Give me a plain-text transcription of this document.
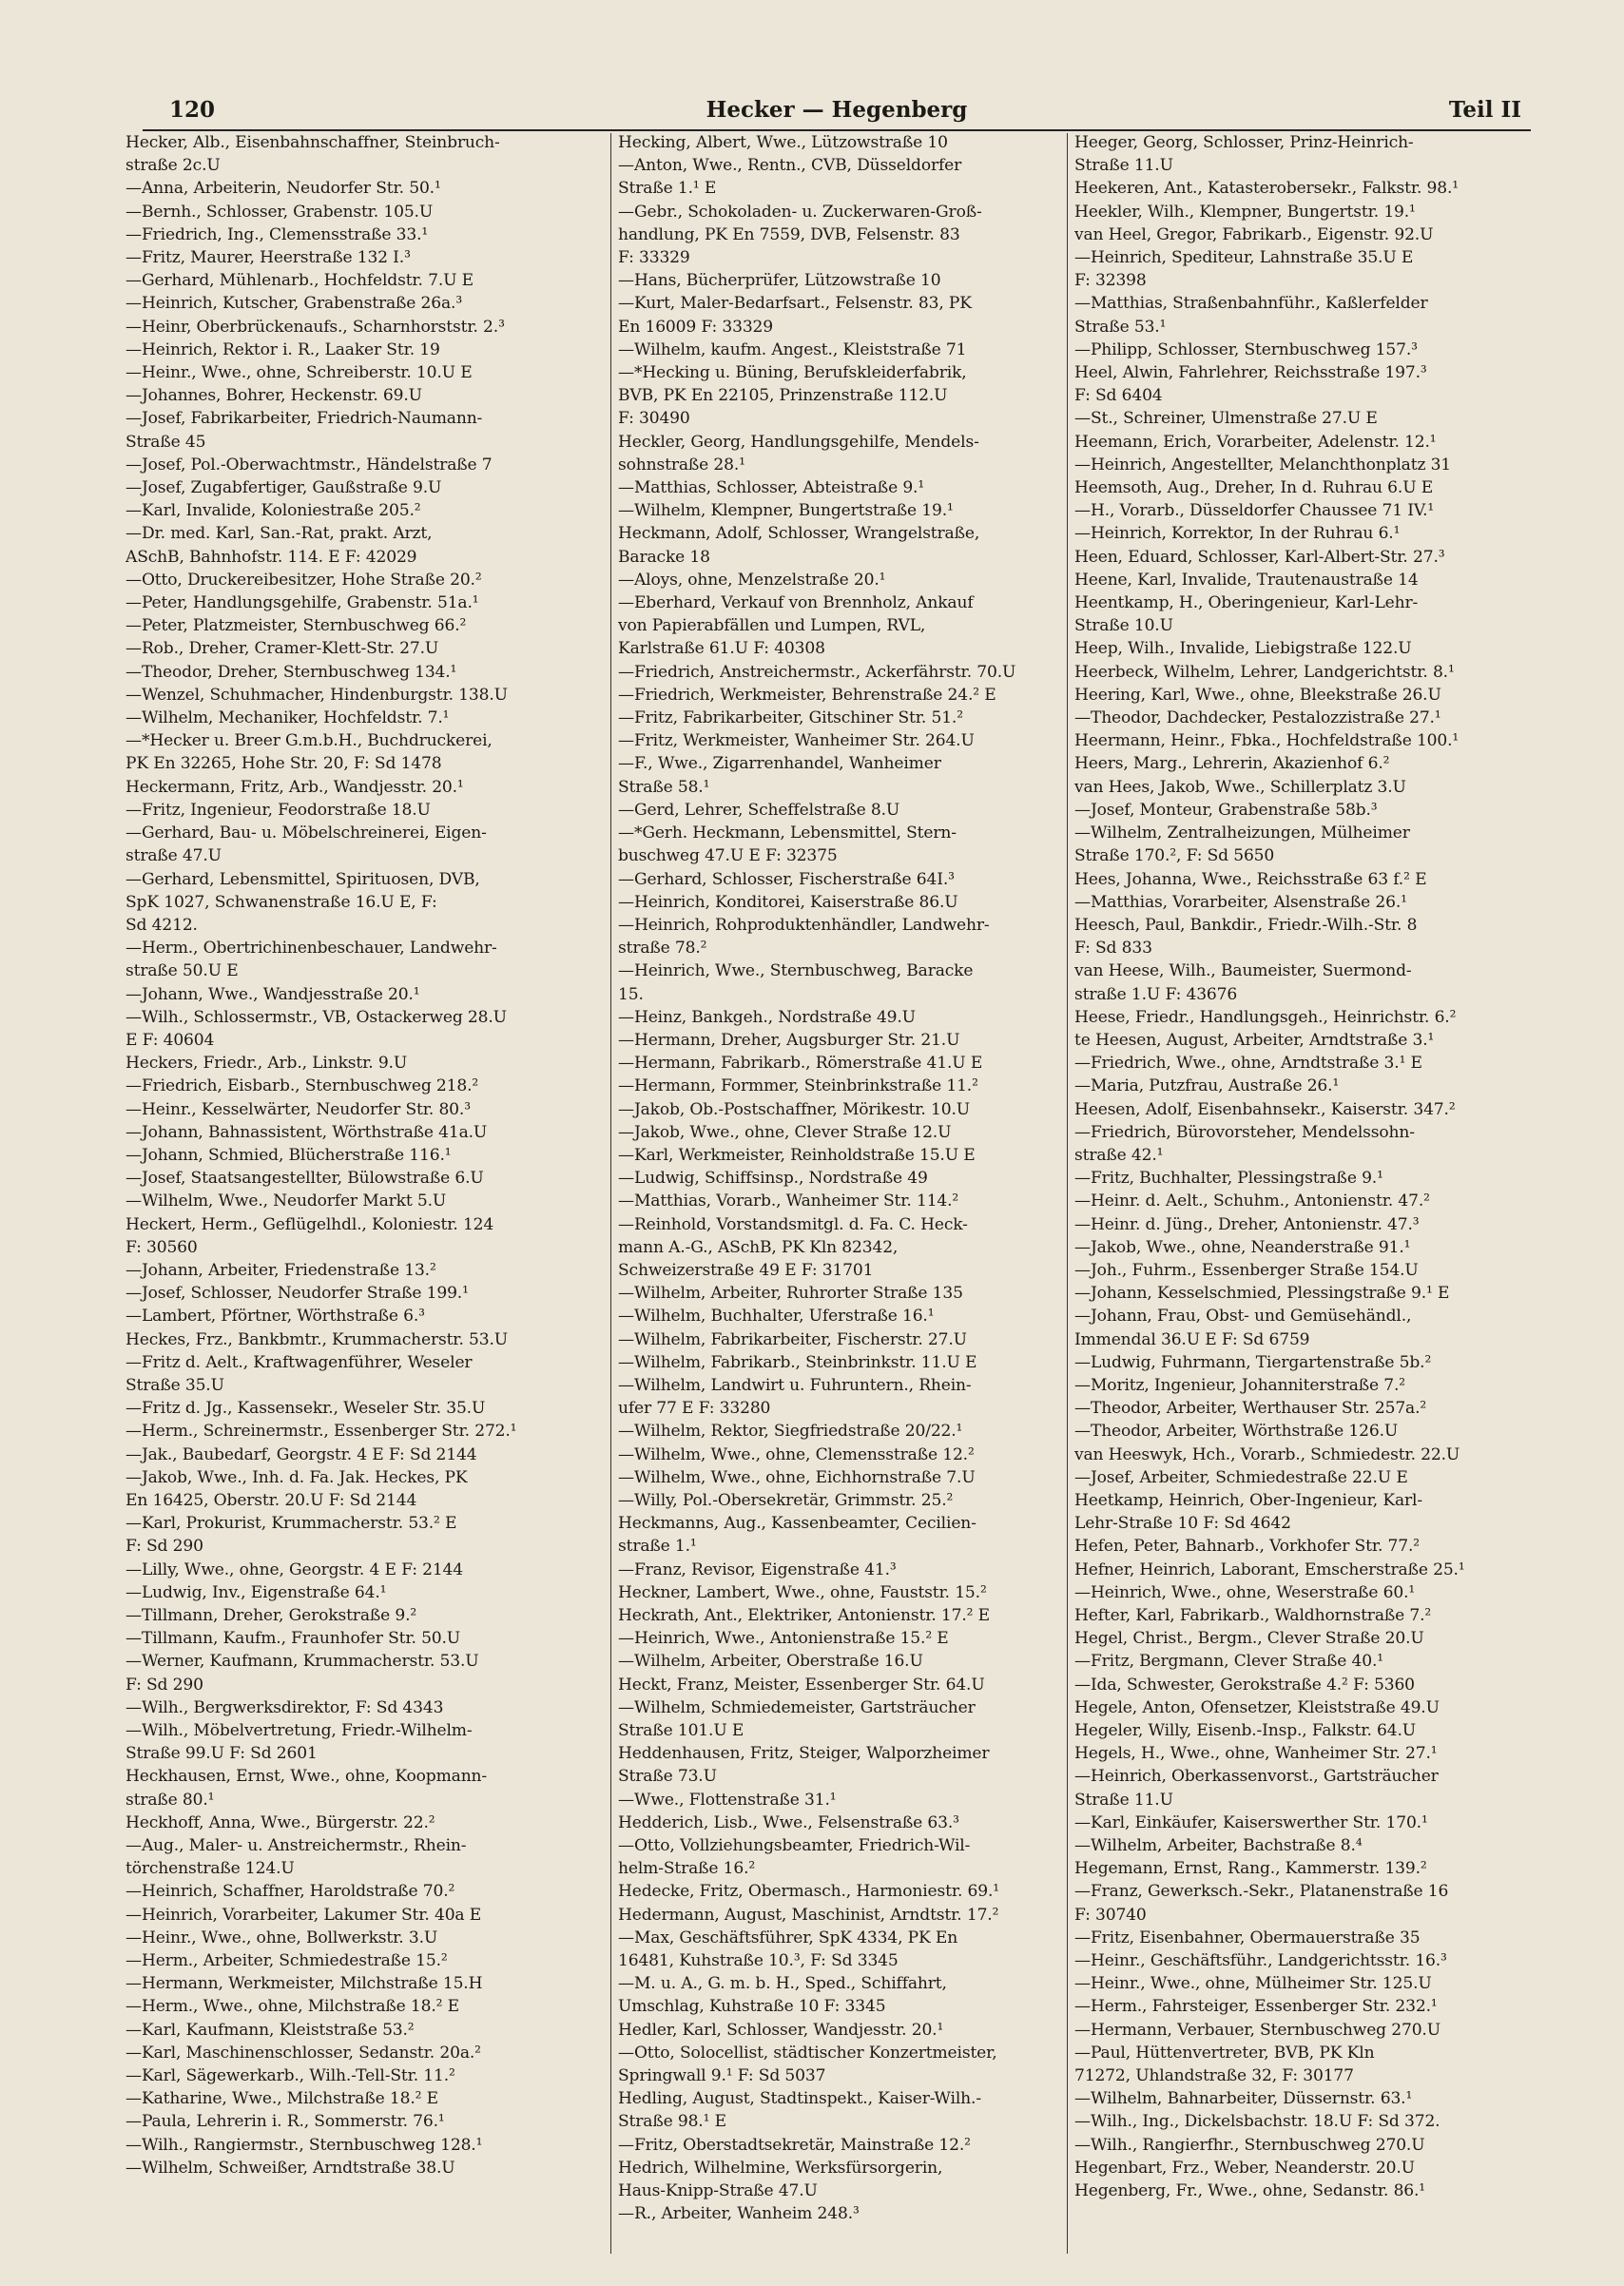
120	Hecker — Hegenberg	Teil II
Hecker, Alb., Eisenbahnschaffner, Steinbruch-
straße 2c.U
—Anna, Arbeiterin, Neudorfer Str. 50.¹
—Bernh., Schlosser, Grabenstr. 105.U
—Friedrich, Ing., Clemensstraße 33.¹
—Fritz, Maurer, Heerstraße 132 I.³
—Gerhard, Mühlenarb., Hochfeldstr. 7.U E
—Heinrich, Kutscher, Grabenstraße 26a.³
—Heinr, Oberbrückenaufs., Scharnhorststr. 2.³
—Heinrich, Rektor i. R., Laaker Str. 19
—Heinr., Wwe., ohne, Schreiberstr. 10.U E
—Johannes, Bohrer, Heckenstr. 69.U
—Josef, Fabrikarbeiter, Friedrich-Naumann-
Straße 45
—Josef, Pol.-Oberwachtmstr., Händelstraße 7
—Josef, Zugabfertiger, Gaußstraße 9.U
—Karl, Invalide, Koloniestraße 205.²
—Dr. med. Karl, San.-Rat, prakt. Arzt,
ASchB, Bahnhofstr. 114. E F: 42029
—Otto, Druckereibesitzer, Hohe Straße 20.²
—Peter, Handlungsgehilfe, Grabenstr. 51a.¹
—Peter, Platzmeister, Sternbuschweg 66.²
—Rob., Dreher, Cramer-Klett-Str. 27.U
—Theodor, Dreher, Sternbuschweg 134.¹
—Wenzel, Schuhmacher, Hindenburgstr. 138.U
—Wilhelm, Mechaniker, Hochfeldstr. 7.¹
—*Hecker u. Breer G.m.b.H., Buchdruckerei,
PK En 32265, Hohe Str. 20, F: Sd 1478
Heckermann, Fritz, Arb., Wandjesstr. 20.¹
—Fritz, Ingenieur, Feodorstraße 18.U
—Gerhard, Bau- u. Möbelschreinerei, Eigen-
straße 47.U
—Gerhard, Lebensmittel, Spirituosen, DVB,
SpK 1027, Schwanenstraße 16.U E, F:
Sd 4212.
—Herm., Obertrichinenbeschauer, Landwehr-
straße 50.U E
—Johann, Wwe., Wandjesstraße 20.¹
—Wilh., Schlossermstr., VB, Ostackerweg 28.U
E F: 40604
Heckers, Friedr., Arb., Linkstr. 9.U
—Friedrich, Eisbarb., Sternbuschweg 218.²
—Heinr., Kesselwärter, Neudorfer Str. 80.³
—Johann, Bahnassistent, Wörthstraße 41a.U
—Johann, Schmied, Blücherstraße 116.¹
—Josef, Staatsangestellter, Bülowstraße 6.U
—Wilhelm, Wwe., Neudorfer Markt 5.U
Heckert, Herm., Geflügelhdl., Koloniestr. 124
F: 30560
—Johann, Arbeiter, Friedenstraße 13.²
—Josef, Schlosser, Neudorfer Straße 199.¹
—Lambert, Pförtner, Wörthstraße 6.³
Heckes, Frz., Bankbmtr., Krummacherstr. 53.U
—Fritz d. Aelt., Kraftwagenführer, Weseler
Straße 35.U
—Fritz d. Jg., Kassensekr., Weseler Str. 35.U
—Herm., Schreinermstr., Essenberger Str. 272.¹
—Jak., Baubedarf, Georgstr. 4 E F: Sd 2144
—Jakob, Wwe., Inh. d. Fa. Jak. Heckes, PK
En 16425, Oberstr. 20.U F: Sd 2144
—Karl, Prokurist, Krummacherstr. 53.² E
F: Sd 290
—Lilly, Wwe., ohne, Georgstr. 4 E F: 2144
—Ludwig, Inv., Eigenstraße 64.¹
—Tillmann, Dreher, Gerokstraße 9.²
—Tillmann, Kaufm., Fraunhofer Str. 50.U
—Werner, Kaufmann, Krummacherstr. 53.U
F: Sd 290
—Wilh., Bergwerksdirektor, F: Sd 4343
—Wilh., Möbelvertretung, Friedr.-Wilhelm-
Straße 99.U F: Sd 2601
Heckhausen, Ernst, Wwe., ohne, Koopmann-
straße 80.¹
Heckhoff, Anna, Wwe., Bürgerstr. 22.²
—Aug., Maler- u. Anstreichermstr., Rhein-
törchenstraße 124.U
—Heinrich, Schaffner, Haroldstraße 70.²
—Heinrich, Vorarbeiter, Lakumer Str. 40a E
—Heinr., Wwe., ohne, Bollwerkstr. 3.U
—Herm., Arbeiter, Schmiedestraße 15.²
—Hermann, Werkmeister, Milchstraße 15.H
—Herm., Wwe., ohne, Milchstraße 18.² E
—Karl, Kaufmann, Kleiststraße 53.²
—Karl, Maschinenschlosser, Sedanstr. 20a.²
—Karl, Sägewerkarb., Wilh.-Tell-Str. 11.²
—Katharine, Wwe., Milchstraße 18.² E
—Paula, Lehrerin i. R., Sommerstr. 76.¹
—Wilh., Rangiermstr., Sternbuschweg 128.¹
—Wilhelm, Schweißer, Arndtstraße 38.U
Hecking, Albert, Wwe., Lützowstraße 10
—Anton, Wwe., Rentn., CVB, Düsseldorfer
Straße 1.¹ E
—Gebr., Schokoladen- u. Zuckerwaren-Groß-
handlung, PK En 7559, DVB, Felsenstr. 83
F: 33329
—Hans, Bücherprüfer, Lützowstraße 10
—Kurt, Maler-Bedarfsart., Felsenstr. 83, PK
En 16009 F: 33329
—Wilhelm, kaufm. Angest., Kleiststraße 71
—*Hecking u. Büning, Berufskleiderfabrik,
BVB, PK En 22105, Prinzenstraße 112.U
F: 30490
Heckler, Georg, Handlungsgehilfe, Mendels-
sohnstraße 28.¹
—Matthias, Schlosser, Abteistraße 9.¹
—Wilhelm, Klempner, Bungertstraße 19.¹
Heckmann, Adolf, Schlosser, Wrangelstraße,
Baracke 18
—Aloys, ohne, Menzelstraße 20.¹
—Eberhard, Verkauf von Brennholz, Ankauf
von Papierabfällen und Lumpen, RVL,
Karlstraße 61.U F: 40308
—Friedrich, Anstreichermstr., Ackerfährstr. 70.U
—Friedrich, Werkmeister, Behrenstraße 24.² E
—Fritz, Fabrikarbeiter, Gitschiner Str. 51.²
—Fritz, Werkmeister, Wanheimer Str. 264.U
—F., Wwe., Zigarrenhandel, Wanheimer
Straße 58.¹
—Gerd, Lehrer, Scheffelstraße 8.U
—*Gerh. Heckmann, Lebensmittel, Stern-
buschweg 47.U E F: 32375
—Gerhard, Schlosser, Fischerstraße 64I.³
—Heinrich, Konditorei, Kaiserstraße 86.U
—Heinrich, Rohproduktenhändler, Landwehr-
straße 78.²
—Heinrich, Wwe., Sternbuschweg, Baracke
15.
—Heinz, Bankgeh., Nordstraße 49.U
—Hermann, Dreher, Augsburger Str. 21.U
—Hermann, Fabrikarb., Römerstraße 41.U E
—Hermann, Formmer, Steinbrinkstraße 11.²
—Jakob, Ob.-Postschaffner, Mörikestr. 10.U
—Jakob, Wwe., ohne, Clever Straße 12.U
—Karl, Werkmeister, Reinholdstraße 15.U E
—Ludwig, Schiffsinsp., Nordstraße 49
—Matthias, Vorarb., Wanheimer Str. 114.²
—Reinhold, Vorstandsmitgl. d. Fa. C. Heck-
mann A.-G., ASchB, PK Kln 82342,
Schweizerstraße 49 E F: 31701
—Wilhelm, Arbeiter, Ruhrorter Straße 135
—Wilhelm, Buchhalter, Uferstraße 16.¹
—Wilhelm, Fabrikarbeiter, Fischerstr. 27.U
—Wilhelm, Fabrikarb., Steinbrinkstr. 11.U E
—Wilhelm, Landwirt u. Fuhruntern., Rhein-
ufer 77 E F: 33280
—Wilhelm, Rektor, Siegfriedstraße 20/22.¹
—Wilhelm, Wwe., ohne, Clemensstraße 12.²
—Wilhelm, Wwe., ohne, Eichhornstraße 7.U
—Willy, Pol.-Obersekretär, Grimmstr. 25.²
Heckmanns, Aug., Kassenbeamter, Cecilien-
straße 1.¹
—Franz, Revisor, Eigenstraße 41.³
Heckner, Lambert, Wwe., ohne, Fauststr. 15.²
Heckrath, Ant., Elektriker, Antonienstr. 17.² E
—Heinrich, Wwe., Antonienstraße 15.² E
—Wilhelm, Arbeiter, Oberstraße 16.U
Heckt, Franz, Meister, Essenberger Str. 64.U
—Wilhelm, Schmiedemeister, Gartsträucher
Straße 101.U E
Heddenhausen, Fritz, Steiger, Walporzheimer
Straße 73.U
—Wwe., Flottenstraße 31.¹
Hedderich, Lisb., Wwe., Felsenstraße 63.³
—Otto, Vollziehungsbeamter, Friedrich-Wil-
helm-Straße 16.²
Hedecke, Fritz, Obermasch., Harmoniestr. 69.¹
Hedermann, August, Maschinist, Arndtstr. 17.²
—Max, Geschäftsführer, SpK 4334, PK En
16481, Kuhstraße 10.³, F: Sd 3345
—M. u. A., G. m. b. H., Sped., Schiffahrt,
Umschlag, Kuhstraße 10 F: 3345
Hedler, Karl, Schlosser, Wandjesstr. 20.¹
—Otto, Solocellist, städtischer Konzertmeister,
Springwall 9.¹ F: Sd 5037
Hedling, August, Stadtinspekt., Kaiser-Wilh.-
Straße 98.¹ E
—Fritz, Oberstadtsekretär, Mainstraße 12.²
Hedrich, Wilhelmine, Werksfürsorgerin,
Haus-Knipp-Straße 47.U
—R., Arbeiter, Wanheim 248.³
Heeger, Georg, Schlosser, Prinz-Heinrich-
Straße 11.U
Heekeren, Ant., Katasterobersekr., Falkstr. 98.¹
Heekler, Wilh., Klempner, Bungertstr. 19.¹
van Heel, Gregor, Fabrikarb., Eigenstr. 92.U
—Heinrich, Spediteur, Lahnstraße 35.U E
F: 32398
—Matthias, Straßenbahnführ., Kaßlerfelder
Straße 53.¹
—Philipp, Schlosser, Sternbuschweg 157.³
Heel, Alwin, Fahrlehrer, Reichsstraße 197.³
F: Sd 6404
—St., Schreiner, Ulmenstraße 27.U E
Heemann, Erich, Vorarbeiter, Adelenstr. 12.¹
—Heinrich, Angestellter, Melanchthonplatz 31
Heemsoth, Aug., Dreher, In d. Ruhrau 6.U E
—H., Vorarb., Düsseldorfer Chaussee 71 IV.¹
—Heinrich, Korrektor, In der Ruhrau 6.¹
Heen, Eduard, Schlosser, Karl-Albert-Str. 27.³
Heene, Karl, Invalide, Trautenaustraße 14
Heentkamp, H., Oberingenieur, Karl-Lehr-
Straße 10.U
Heep, Wilh., Invalide, Liebigstraße 122.U
Heerbeck, Wilhelm, Lehrer, Landgerichtstr. 8.¹
Heering, Karl, Wwe., ohne, Bleekstraße 26.U
—Theodor, Dachdecker, Pestalozzistraße 27.¹
Heermann, Heinr., Fbka., Hochfeldstraße 100.¹
Heers, Marg., Lehrerin, Akazienhof 6.²
van Hees, Jakob, Wwe., Schillerplatz 3.U
—Josef, Monteur, Grabenstraße 58b.³
—Wilhelm, Zentralheizungen, Mülheimer
Straße 170.², F: Sd 5650
Hees, Johanna, Wwe., Reichsstraße 63 f.² E
—Matthias, Vorarbeiter, Alsenstraße 26.¹
Heesch, Paul, Bankdir., Friedr.-Wilh.-Str. 8
F: Sd 833
van Heese, Wilh., Baumeister, Suermond-
straße 1.U F: 43676
Heese, Friedr., Handlungsgeh., Heinrichstr. 6.²
te Heesen, August, Arbeiter, Arndtstraße 3.¹
—Friedrich, Wwe., ohne, Arndtstraße 3.¹ E
—Maria, Putzfrau, Austraße 26.¹
Heesen, Adolf, Eisenbahnsekr., Kaiserstr. 347.²
—Friedrich, Bürovorsteher, Mendelssohn-
straße 42.¹
—Fritz, Buchhalter, Plessingstraße 9.¹
—Heinr. d. Aelt., Schuhm., Antonienstr. 47.²
—Heinr. d. Jüng., Dreher, Antonienstr. 47.³
—Jakob, Wwe., ohne, Neanderstraße 91.¹
—Joh., Fuhrm., Essenberger Straße 154.U
—Johann, Kesselschmied, Plessingstraße 9.¹ E
—Johann, Frau, Obst- und Gemüsehändl.,
Immendal 36.U E F: Sd 6759
—Ludwig, Fuhrmann, Tiergartenstraße 5b.²
—Moritz, Ingenieur, Johanniterstraße 7.²
—Theodor, Arbeiter, Werthauser Str. 257a.²
—Theodor, Arbeiter, Wörthstraße 126.U
van Heeswyk, Hch., Vorarb., Schmiedestr. 22.U
—Josef, Arbeiter, Schmiedestraße 22.U E
Heetkamp, Heinrich, Ober-Ingenieur, Karl-
Lehr-Straße 10 F: Sd 4642
Hefen, Peter, Bahnarb., Vorkhofer Str. 77.²
Hefner, Heinrich, Laborant, Emscherstraße 25.¹
—Heinrich, Wwe., ohne, Weserstraße 60.¹
Hefter, Karl, Fabrikarb., Waldhornstraße 7.²
Hegel, Christ., Bergm., Clever Straße 20.U
—Fritz, Bergmann, Clever Straße 40.¹
—Ida, Schwester, Gerokstraße 4.² F: 5360
Hegele, Anton, Ofensetzer, Kleiststraße 49.U
Hegeler, Willy, Eisenb.-Insp., Falkstr. 64.U
Hegels, H., Wwe., ohne, Wanheimer Str. 27.¹
—Heinrich, Oberkassenvorst., Gartsträucher
Straße 11.U
—Karl, Einkäufer, Kaiserswerther Str. 170.¹
—Wilhelm, Arbeiter, Bachstraße 8.⁴
Hegemann, Ernst, Rang., Kammerstr. 139.²
—Franz, Gewerksch.-Sekr., Platanenstraße 16
F: 30740
—Fritz, Eisenbahner, Obermauerstraße 35
—Heinr., Geschäftsführ., Landgerichtsstr. 16.³
—Heinr., Wwe., ohne, Mülheimer Str. 125.U
—Herm., Fahrsteiger, Essenberger Str. 232.¹
—Hermann, Verbauer, Sternbuschweg 270.U
—Paul, Hüttenvertreter, BVB, PK Kln
71272, Uhlandstraße 32, F: 30177
—Wilhelm, Bahnarbeiter, Düssernstr. 63.¹
—Wilh., Ing., Dickelsbachstr. 18.U F: Sd 372.
—Wilh., Rangierfhr., Sternbuschweg 270.U
Hegenbart, Frz., Weber, Neanderstr. 20.U
Hegenberg, Fr., Wwe., ohne, Sedanstr. 86.¹
